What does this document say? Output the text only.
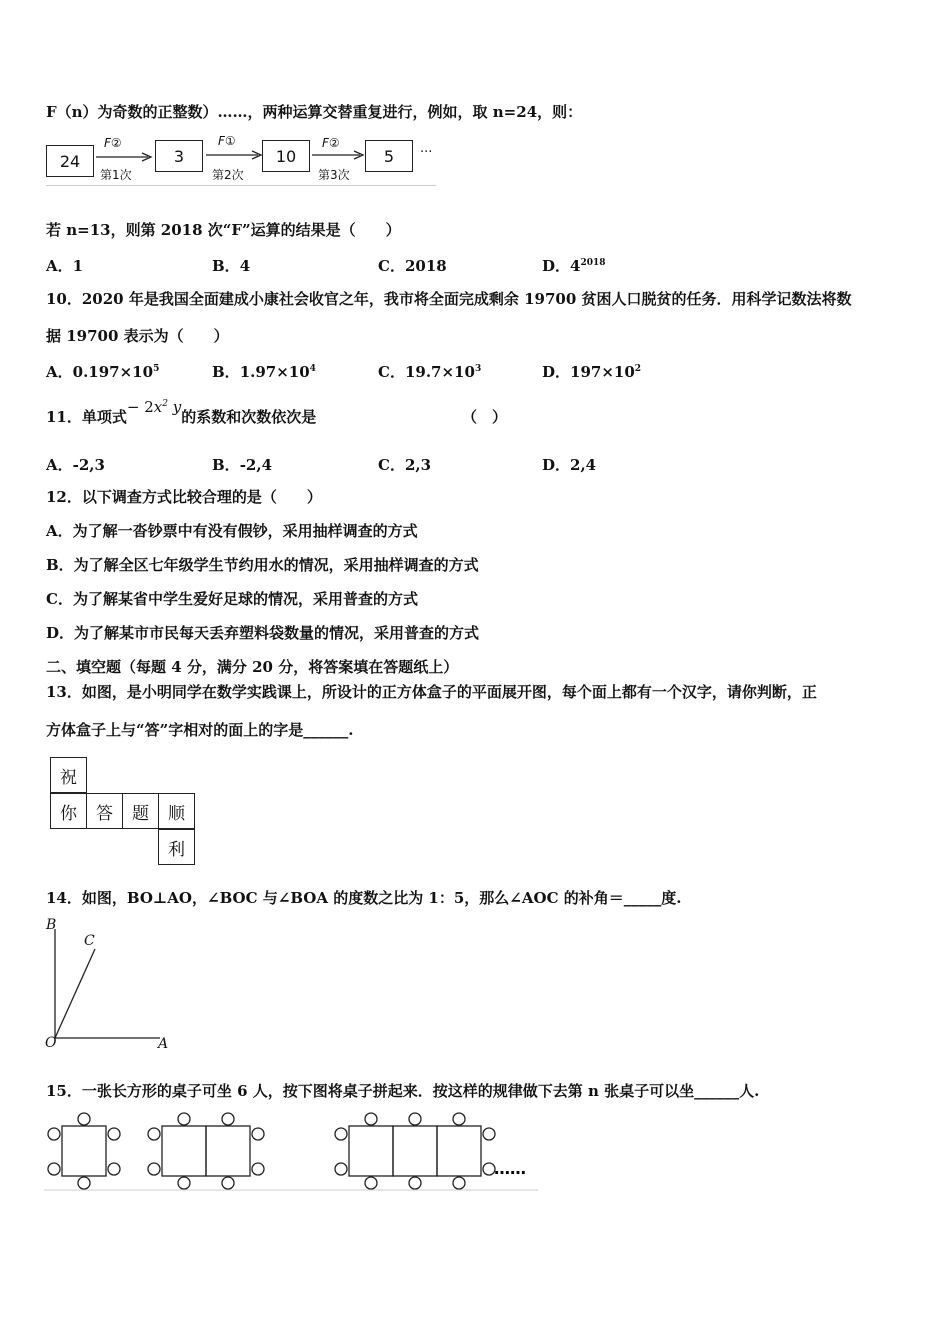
F（n）为奇数的正整数）……，两种运算交替重复进行，例如，取 n=24，则：
24
F②
第1次
3
F①
第2次
10
F②
第3次
5	···
若 n=13，则第 2018 次“F”运算的结果是（　　）
A．1	B．4	C．2018	D．$4^{2018}$
10．2020 年是我国全面建成小康社会收官之年，我市将全面完成剩余 19700 贫困人口脱贫的任务．用科学记数法将数
据 19700 表示为（　　）
A．$0.197\times 10^5$	B．$1.97\times 10^4$	C．$19.7\times 10^3$	D．$197\times 10^2$
11．单项式− $2x^2$ y的系数和次数依次是	（　）
A．-2,3	B．-2,4	C．2,3	D．2,4
12．以下调查方式比较合理的是（　　）
A．为了解一沓钞票中有没有假钞，采用抽样调查的方式
B．为了解全区七年级学生节约用水的情况，采用抽样调查的方式
C．为了解某省中学生爱好足球的情况，采用普查的方式
D．为了解某市市民每天丢弃塑料袋数量的情况，采用普查的方式
二、填空题（每题 4 分，满分 20 分，将答案填在答题纸上）
13．如图，是小明同学在数学实践课上，所设计的正方体盒子的平面展开图，每个面上都有一个汉字，请你判断，正
方体盒子上与“答”字相对的面上的字是______.
祝
你	答	题	顺
利
14．如图，BO⊥AO，∠BOC 与∠BOA 的度数之比为 1：5，那么∠AOC 的补角＝_____度.
B
C
O	A
15．一张长方形的桌子可坐 6 人，按下图将桌子拼起来．按这样的规律做下去第 n 张桌子可以坐______人.
……
